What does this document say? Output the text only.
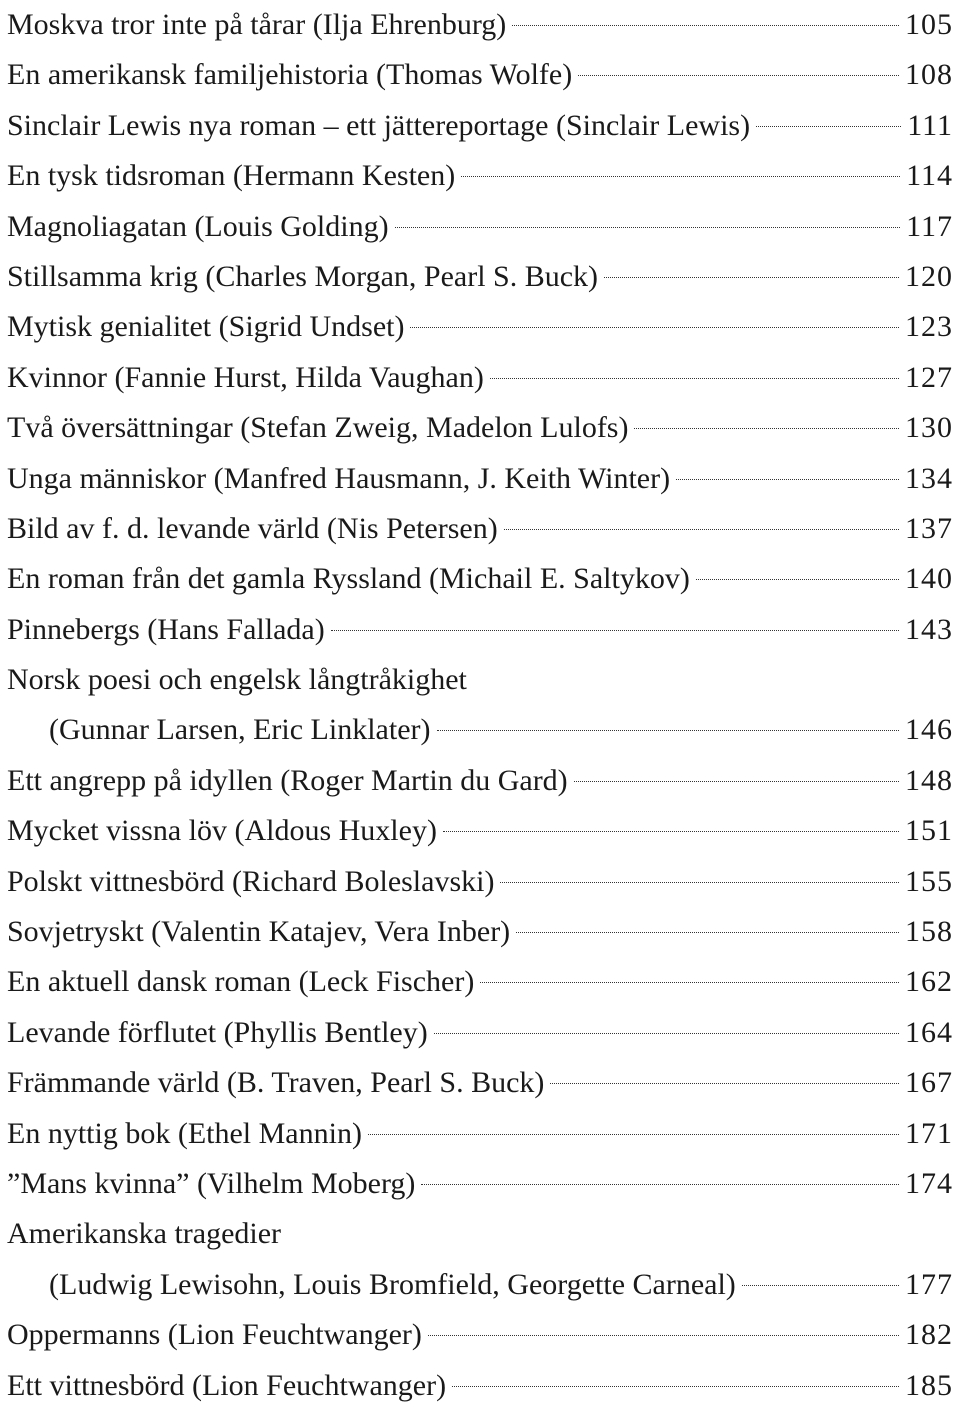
Moskva tror inte på tårar (Ilja Ehrenburg)	105
En amerikansk familjehistoria (Thomas Wolfe)	108
Sinclair Lewis nya roman – ett jättereportage (Sinclair Lewis)	111
En tysk tidsroman (Hermann Kesten)	114
Magnoliagatan (Louis Golding)	117
Stillsamma krig (Charles Morgan, Pearl S. Buck)	120
Mytisk genialitet (Sigrid Undset)	123
Kvinnor (Fannie Hurst, Hilda Vaughan)	127
Två översättningar (Stefan Zweig, Madelon Lulofs)	130
Unga människor (Manfred Hausmann, J. Keith Winter)	134
Bild av f. d. levande värld (Nis Petersen)	137
En roman från det gamla Ryssland (Michail E. Saltykov)	140
Pinnebergs (Hans Fallada)	143
Norsk poesi och engelsk långtråkighet
(Gunnar Larsen, Eric Linklater)	146
Ett angrepp på idyllen (Roger Martin du Gard)	148
Mycket vissna löv (Aldous Huxley)	151
Polskt vittnesbörd (Richard Boleslavski)	155
Sovjetryskt (Valentin Katajev, Vera Inber)	158
En aktuell dansk roman (Leck Fischer)	162
Levande förflutet (Phyllis Bentley)	164
Främmande värld (B. Traven, Pearl S. Buck)	167
En nyttig bok (Ethel Mannin)	171
”Mans kvinna” (Vilhelm Moberg)	174
Amerikanska tragedier
(Ludwig Lewisohn, Louis Bromfield, Georgette Carneal)	177
Oppermanns (Lion Feuchtwanger)	182
Ett vittnesbörd (Lion Feuchtwanger)	185
